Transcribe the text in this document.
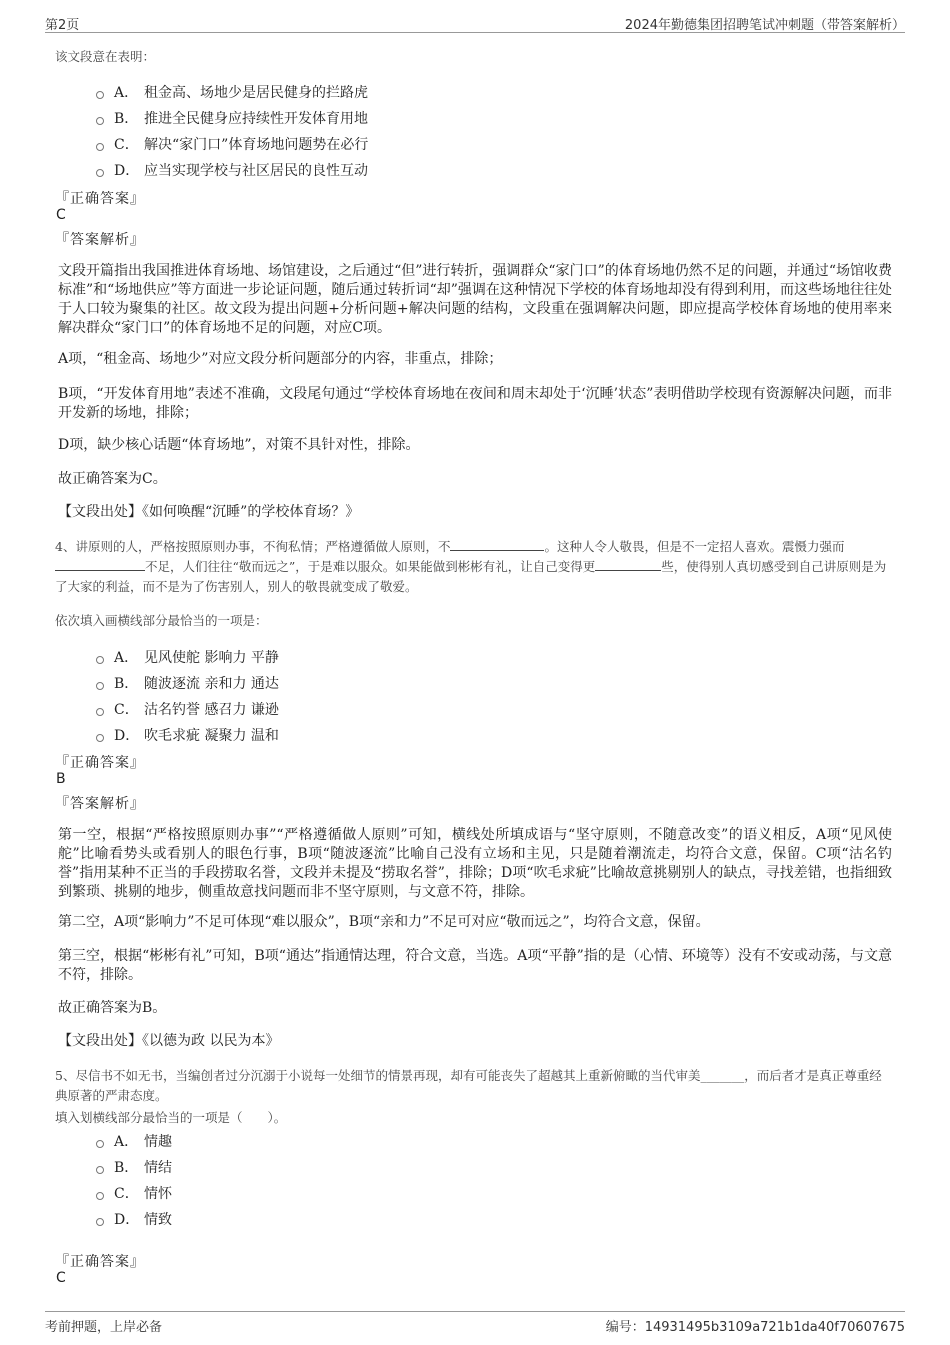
第2页	2024年勤德集团招聘笔试冲刺题（带答案解析）
该文段意在表明：
A． 租金高、场地少是居民健身的拦路虎
B． 推进全民健身应持续性开发体育用地
C． 解决“家门口”体育场地问题势在必行
D． 应当实现学校与社区居民的良性互动
『正确答案』
C
『答案解析』
文段开篇指出我国推进体育场地、场馆建设，之后通过“但”进行转折，强调群众“家门口”的体育场地仍然不足的问题，并通过“场馆收费标准”和“场地供应”等方面进一步论证问题，随后通过转折词“却”强调在这种情况下学校的体育场地却没有得到利用，而这些场地往往处于人口较为聚集的社区。故文段为提出问题+分析问题+解决问题的结构，文段重在强调解决问题，即应提高学校体育场地的使用率来解决群众“家门口”的体育场地不足的问题，对应C项。
A项，“租金高、场地少”对应文段分析问题部分的内容，非重点，排除；
B项，“开发体育用地”表述不准确，文段尾句通过“学校体育场地在夜间和周末却处于‘沉睡’状态”表明借助学校现有资源解决问题，而非开发新的场地，排除；
D项，缺少核心话题“体育场地”，对策不具针对性，排除。
故正确答案为C。
【文段出处】《如何唤醒“沉睡”的学校体育场？》
4、讲原则的人，严格按照原则办事，不徇私情；严格遵循做人原则，不	。这种人令人敬畏，但是不一定招人喜欢。震慑力强而不足，人们往往“敬而远之”，于是难以服众。如果能做到彬彬有礼，让自己变得更	些，使得别人真切感受到自己讲原则是为了大家的利益，而不是为了伤害别人，别人的敬畏就变成了敬爱。
依次填入画横线部分最恰当的一项是：
A． 见风使舵 影响力 平静
B． 随波逐流 亲和力 通达
C． 沽名钓誉 感召力 谦逊
D． 吹毛求疵 凝聚力 温和
『正确答案』
B
『答案解析』
第一空，根据“严格按照原则办事”“严格遵循做人原则”可知，横线处所填成语与“坚守原则，不随意改变”的语义相反，A项“见风使舵”比喻看势头或看别人的眼色行事，B项“随波逐流”比喻自己没有立场和主见，只是随着潮流走，均符合文意，保留。C项“沽名钓誉”指用某种不正当的手段捞取名誉，文段并未提及“捞取名誉”，排除；D项“吹毛求疵”比喻故意挑剔别人的缺点，寻找差错，也指细致到繁琐、挑剔的地步，侧重故意找问题而非不坚守原则，与文意不符，排除。
第二空，A项“影响力”不足可体现“难以服众”，B项“亲和力”不足可对应“敬而远之”，均符合文意，保留。
第三空，根据“彬彬有礼”可知，B项“通达”指通情达理，符合文意，当选。A项“平静”指的是（心情、环境等）没有不安或动荡，与文意不符，排除。
故正确答案为B。
【文段出处】《以德为政 以民为本》
5、尽信书不如无书，当编创者过分沉溺于小说每一处细节的情景再现，却有可能丧失了超越其上重新俯瞰的当代审美_______，而后者才是真正尊重经典原著的严肃态度。
填入划横线部分最恰当的一项是（　　）。
A． 情趣
B． 情结
C． 情怀
D． 情致
『正确答案』
C
考前押题，上岸必备	编号：14931495b3109a721b1da40f70607675
